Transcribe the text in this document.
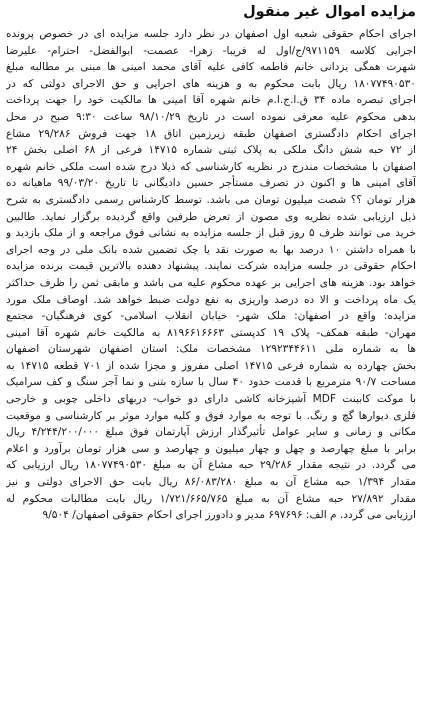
مزایده اموال غیر منقول
اجرای احکام حقوقی شعبه اول اصفهان در نظر دارد جلسه مزایده ای در خصوص پرونده
اجرایی کلاسه ۹۷۱۱۵۹/ج/اول له فریبا- زهرا- عصمت- ابوالفضل- احترام- علیرضا
شهرت همگی یزدانی خانم فاطمه کافی علیه آقای محمد امینی ها مبنی بر مطالبه مبلغ
۱۸۰۷۷۴۹۰۵۳۰ ریال بابت محکوم به و هزینه های اجرایی و حق الاجرای دولتی که در
اجرای تبصره ماده ۳۴ ق.ا.ج.ا.م خانم شهره آقا امینی ها مالکیت خود را جهت پرداخت
بدهی محکوم علیه معرفی نموده است در تاریخ ۹۸/۱۰/۲۹ ساعت ۹:۳۰ صبح در محل
اجرای احکام دادگستری اصفهان طبقه زیرزمین اتاق ۱۸ جهت فروش ۲۹/۲۸۶ مشاع
از ۷۲ حبه شش دانگ ملکی به پلاک ثبتی شماره ۱۴۷۱۵ فرعی از ۶۸ اصلی بخش ۲۴
اصفهان با مشخصات مندرج در نظریه کارشناسی که ذیلا درج شده است ملکی خانم شهره
آقای امینی ها و اکنون در تصرف مستأجر حسین دادیگانی تا تاریخ ۹۹/۰۳/۲۰ ماهیانه ده
هزار تومان ؟؟ شصت میلیون تومان می باشد. توسط کارشناس رسمی دادگستری به شرح
ذیل ارزیابی شده نظریه وی مصون از تعرض طرفین واقع گردیده برگزار نماید. طالبین
خرید می توانند ظرف ۵ روز قبل از جلسه مزایده به نشانی فوق مراجعه و از ملک بازدید و
با همراه داشتن ۱۰ درصد بها به صورت نقد یا چک تضمین شده بانک ملی در وجه اجرای
احکام حقوقی در جلسه مزایده شرکت نمایند. پیشنهاد دهنده بالاترین قیمت برنده مزایده
خواهد بود. هزینه های اجرایی بر عهده محکوم علیه می باشد و مابقی ثمن را ظرف حداکثر
یک ماه پرداخت و الا ده درصد واریزی به نفع دولت ضبط خواهد شد. اوصاف ملک مورد
مزایده: واقع در اصفهان: ملک شهر- خیابان انقلاب اسلامی- کوی فرهنگیان- مجتمع
مهران- طبقه همکف- پلاک ۱۹ کدپستی ۸۱۹۶۶۱۶۶۶۳ به مالکیت خانم شهره آقا امینی
ها به شماره ملی ۱۲۹۲۳۴۴۶۱۱ مشخصات ملک: استان اصفهان شهرستان اصفهان
بخش چهارده به شماره فرعی ۱۴۷۱۵ اصلی مفروز و مجزا شده از ۷۰۱ قطعه ۱۴۷۱۵ به
مساحت ۹۰/۷ مترمربع با قدمت حدود ۴۰ سال با سازه بتنی و نما آجر سنگ و کف سرامیک
با موکت کابینت MDF آشپزخانه کاشی دارای دو خواب- دربهای داخلی چوبی و خارجی
فلزی دیوارها گچ و رنگ. با توجه به موارد فوق و کلیه موارد موثر بر کارشناسی و موقعیت
مکانی و زمانی و سایر عوامل تأثیرگذار ارزش آپارتمان فوق مبلغ ۴/۲۴۴/۲۰۰/۰۰۰ ریال
برابر با مبلغ چهارصد و چهل و چهار میلیون و چهارصد و سی هزار تومان برآورد و اعلام
می گردد. در نتیجه مقدار ۲۹/۲۸۶ حبه مشاع آن به مبلغ ۱۸۰۷۷۴۹۰۵۳۰ ریال ارزیابی که
مقدار ۱/۳۹۴ حبه مشاع آن به مبلغ ۸۶/۰۸۳/۲۸۰ ریال بابت حق الاجرای دولتی و نیز
مقدار ۲۷/۸۹۲ حبه مشاع آن به مبلغ ۱/۷۲۱/۶۶۵/۷۶۵ ریال بابت مطالبات محکوم له
ارزیابی می گردد. م الف: ۶۹۷۶۹۶ مدیر و دادورز اجرای احکام حقوقی اصفهان/ ۹/۵۰۴
